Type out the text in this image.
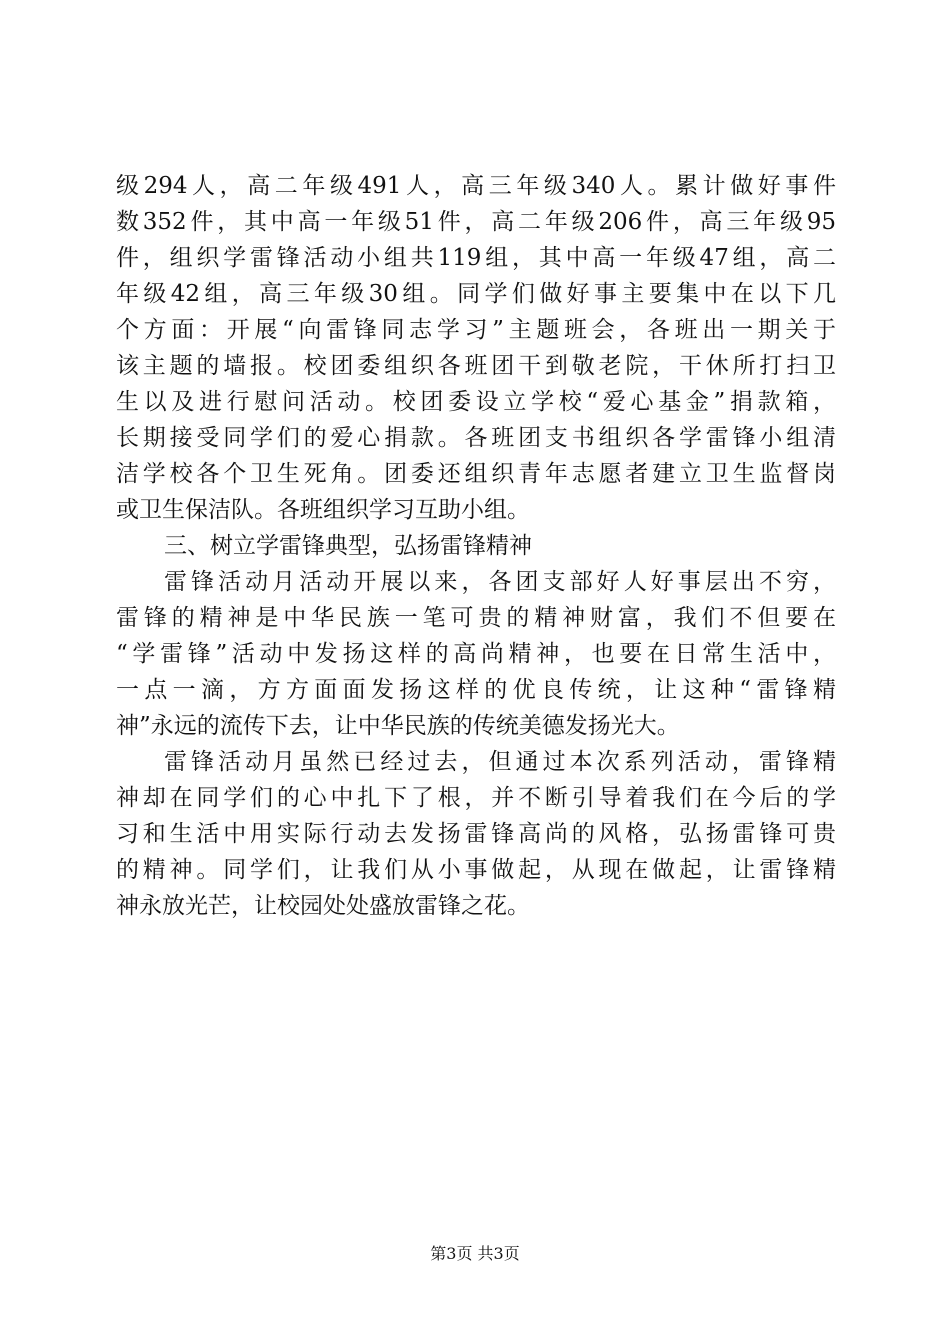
级294人，高二年级491人，高三年级340人。累计做好事件
数352件，其中高一年级51件，高二年级206件，高三年级95
件，组织学雷锋活动小组共119组，其中高一年级47组，高二
年级42组，高三年级30组。同学们做好事主要集中在以下几
个方面：开展“向雷锋同志学习”主题班会，各班出一期关于
该主题的墙报。校团委组织各班团干到敬老院，干休所打扫卫
生以及进行慰问活动。校团委设立学校“爱心基金”捐款箱，
长期接受同学们的爱心捐款。各班团支书组织各学雷锋小组清
洁学校各个卫生死角。团委还组织青年志愿者建立卫生监督岗
或卫生保洁队。各班组织学习互助小组。
三、树立学雷锋典型，弘扬雷锋精神
雷锋活动月活动开展以来，各团支部好人好事层出不穷，
雷锋的精神是中华民族一笔可贵的精神财富，我们不但要在
“学雷锋”活动中发扬这样的高尚精神，也要在日常生活中，
一点一滴，方方面面发扬这样的优良传统，让这种“雷锋精
神”永远的流传下去，让中华民族的传统美德发扬光大。
雷锋活动月虽然已经过去，但通过本次系列活动，雷锋精
神却在同学们的心中扎下了根，并不断引导着我们在今后的学
习和生活中用实际行动去发扬雷锋高尚的风格，弘扬雷锋可贵
的精神。同学们，让我们从小事做起，从现在做起，让雷锋精
神永放光芒，让校园处处盛放雷锋之花。
第3页 共3页
